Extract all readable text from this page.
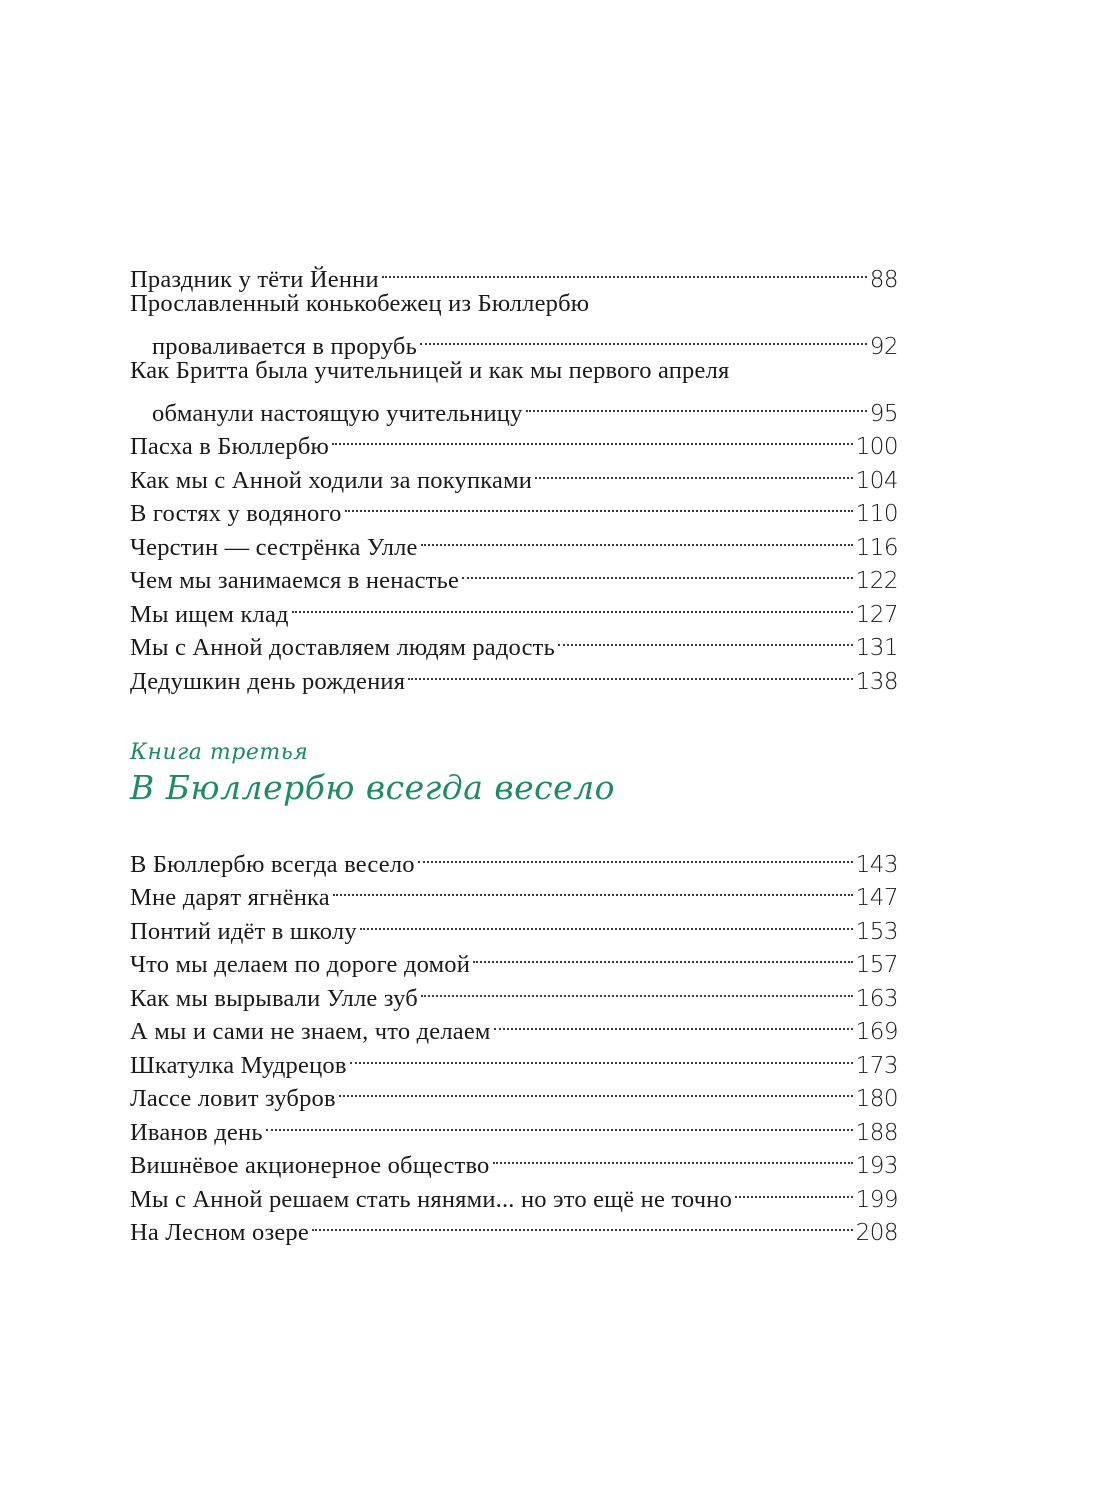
Праздник у тёти Йенни	88
Прославленный конькобежец из Бюллербю
проваливается в прорубь	92
Как Бритта была учительницей и как мы первого апреля
обманули настоящую учительницу	95
Пасха в Бюллербю	100
Как мы с Анной ходили за покупками	104
В гостях у водяного	110
Черстин — сестрёнка Улле	116
Чем мы занимаемся в ненастье	122
Мы ищем клад	127
Мы с Анной доставляем людям радость	131
Дедушкин день рождения	138
Книга третья
В Бюллербю всегда весело
В Бюллербю всегда весело	143
Мне дарят ягнёнка	147
Понтий идёт в школу	153
Что мы делаем по дороге домой	157
Как мы вырывали Улле зуб	163
А мы и сами не знаем, что делаем	169
Шкатулка Мудрецов	173
Лассе ловит зубров	180
Иванов день	188
Вишнёвое акционерное общество	193
Мы с Анной решаем стать нянями... но это ещё не точно	199
На Лесном озере	208
